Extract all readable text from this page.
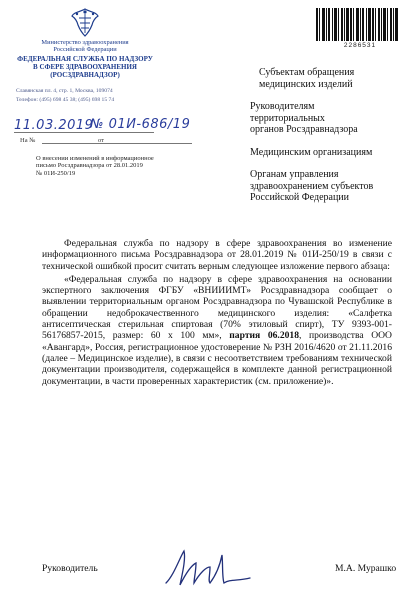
Министерство здравоохранения
Российской Федерации
ФЕДЕРАЛЬНАЯ СЛУЖБА ПО НАДЗОРУ
В СФЕРЕ ЗДРАВООХРАНЕНИЯ
(РОСЗДРАВНАДЗОР)
Славянская пл. 4, стр. 1, Москва, 109074
Телефон: (495) 698 45 38; (495) 698 15 74
11.03.2019
№ 01И-686/19
На №	от
О внесении изменений в информационное
письмо Росздравнадзора от 28.01.2019
№ 01И-250/19
2286531

Субъектам обращения
медицинских изделий

Руководителям
территориальных
органов Росздравнадзора

Медицинским организациям

Органам управления
здравоохранением субъектов
Российской Федерации

Федеральная служба по надзору в сфере здравоохранения во изменение информационного письма Росздравнадзора от 28.01.2019 № 01И-250/19 в связи с технической ошибкой просит считать верным следующее изложение первого абзаца:

«Федеральная служба по надзору в сфере здравоохранения на основании экспертного заключения ФГБУ «ВНИИИМТ» Росздравнадзора сообщает о выявлении территориальным органом Росздравнадзора по Чувашской Республике в обращении недоброкачественного медицинского изделия: «Салфетка антисептическая стерильная спиртовая (70% этиловый спирт), ТУ 9393-001-56176857-2015, размер: 60 x 100 мм», партия 06.2018, производства ООО «Авангард», Россия, регистрационное удостоверение № РЗН 2016/4620 от 21.11.2016 (далее – Медицинское изделие), в связи с несоответствием требованиям технической документации производителя, содержащейся в комплекте данной регистрационной документации, в части проверенных характеристик (см. приложение)».

Руководитель	М.А. Мурашко
